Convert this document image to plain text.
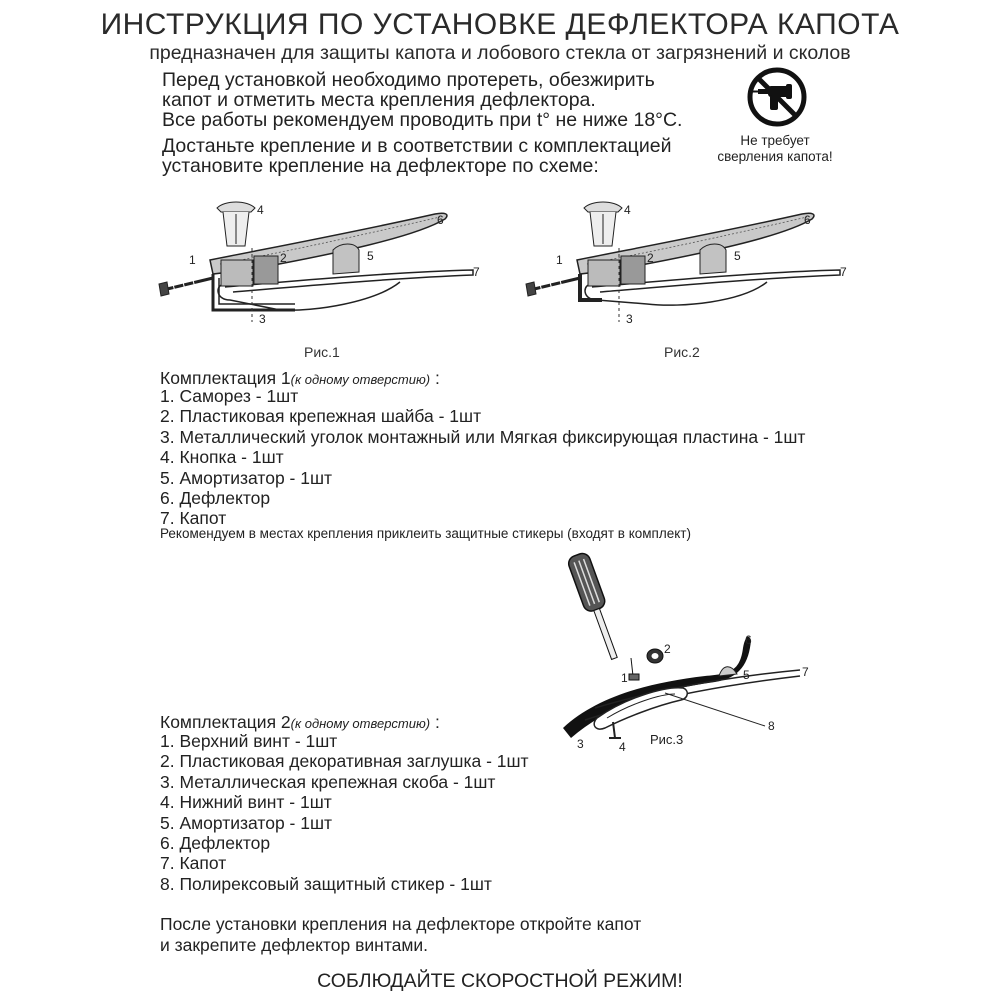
ИНСТРУКЦИЯ ПО УСТАНОВКЕ ДЕФЛЕКТОРА КАПОТА
предназначен для защиты капота и лобового стекла от загрязнений и сколов
Перед установкой необходимо протереть, обезжирить
капот и отметить места крепления дефлектора.
Все работы рекомендуем проводить при t° не ниже 18°C.
Достаньте крепление и в соответствии с комплектацией
установите крепление на дефлекторе по схеме:
Не требует
сверления капота!
4
6
1	2	5
7
3
Рис.1
4
6
1	2	5
7
3
Рис.2
Комплектация 1(к одному отверстию) :
1. Саморез - 1шт
2. Пластиковая крепежная шайба - 1шт
3. Металлический уголок монтажный или Мягкая фиксирующая пластина - 1шт
4. Кнопка - 1шт
5. Амортизатор - 1шт
6. Дефлектор
7. Капот
Рекомендуем в местах крепления приклеить защитные стикеры (входят в комплект)
2
6
7
1	5
8
3	4 Рис.3
Комплектация 2(к одному отверстию) :
1. Верхний винт - 1шт
2. Пластиковая декоративная заглушка - 1шт
3. Металлическая крепежная скоба - 1шт
4. Нижний винт - 1шт
5. Амортизатор - 1шт
6. Дефлектор
7. Капот
8. Полирексовый защитный стикер - 1шт
После установки крепления на дефлекторе откройте капот
и закрепите дефлектор винтами.
СОБЛЮДАЙТЕ СКОРОСТНОЙ РЕЖИМ!
